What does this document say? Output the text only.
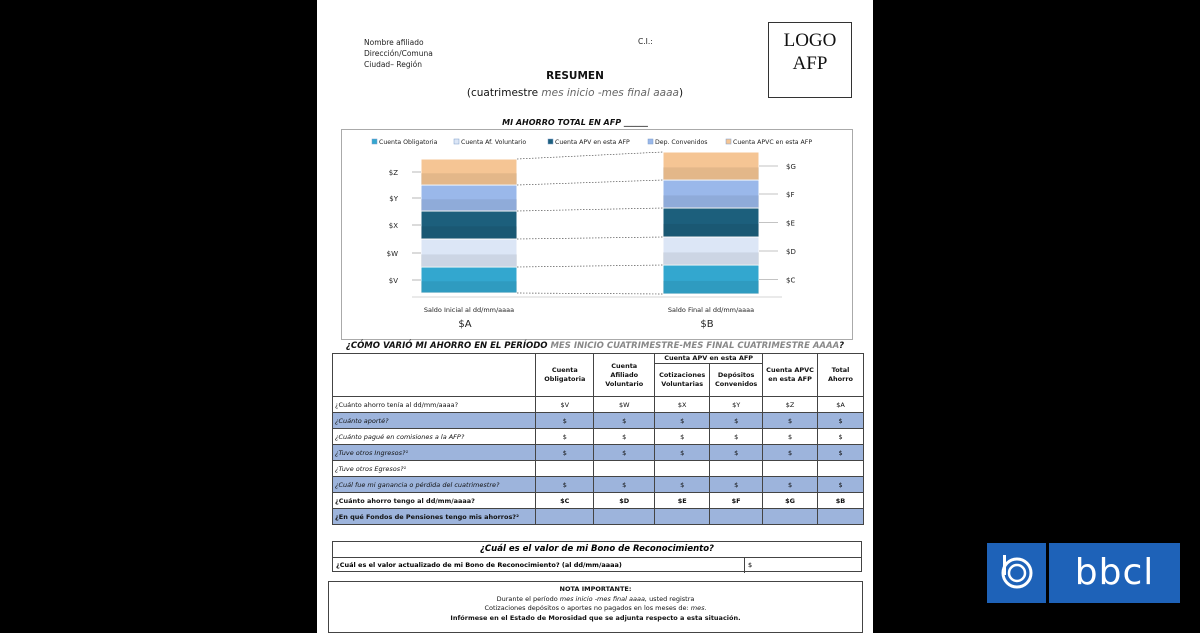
Nombre afiliado
Dirección/Comuna
Ciudad– Región
C.I.:	LOGO
AFP
RESUMEN
(cuatrimestre mes inicio -mes final aaaa)
MI AHORRO TOTAL EN AFP ______
Cuenta Obligatoria	Cuenta Af. Voluntario	Cuenta APV en esta AFP	Dep. Convenidos	Cuenta APVC en esta AFP
$V	$C
$W	$D
$X	$E
$Y	$F
$Z
$G
Saldo Inicial al dd/mm/aaaa
$A
Saldo Final al dd/mm/aaaa
$B
¿CÓMO VARIÓ MI AHORRO EN EL PERÍODO MES INICIO CUATRIMESTRE-MES FINAL CUATRIMESTRE AAAA?
	Cuenta Obligatoria	Cuenta Afiliado Voluntario	Cuenta APV en esta AFP		Cuenta APVC en esta AFP	Total Ahorro
			Cotizaciones Voluntarias	Depósitos Convenidos		
¿Cuánto ahorro tenía al dd/mm/aaaa?	$V	$W	$X	$Y	$Z	$A
¿Cuánto aporté?	$	$	$	$	$	$
¿Cuánto pagué en comisiones a la AFP?	$	$	$	$	$	$
¿Tuve otros Ingresos?¹	$	$	$	$	$	$
¿Tuve otros Egresos?¹						
¿Cuál fue mi ganancia o pérdida del cuatrimestre?	$	$	$	$	$	$
¿Cuánto ahorro tengo al dd/mm/aaaa?	$C	$D	$E	$F	$G	$B
¿En qué Fondos de Pensiones tengo mis ahorros?²						
¿Cuál es el valor de mi Bono de Reconocimiento?
¿Cuál es el valor actualizado de mi Bono de Reconocimiento? (al dd/mm/aaaa)	$
NOTA IMPORTANTE:
Durante el período mes inicio -mes final aaaa, usted registra
Cotizaciones depósitos o aportes no pagados en los meses de: mes.
Infórmese en el Estado de Morosidad que se adjunta respecto a esta situación.
bbcl
